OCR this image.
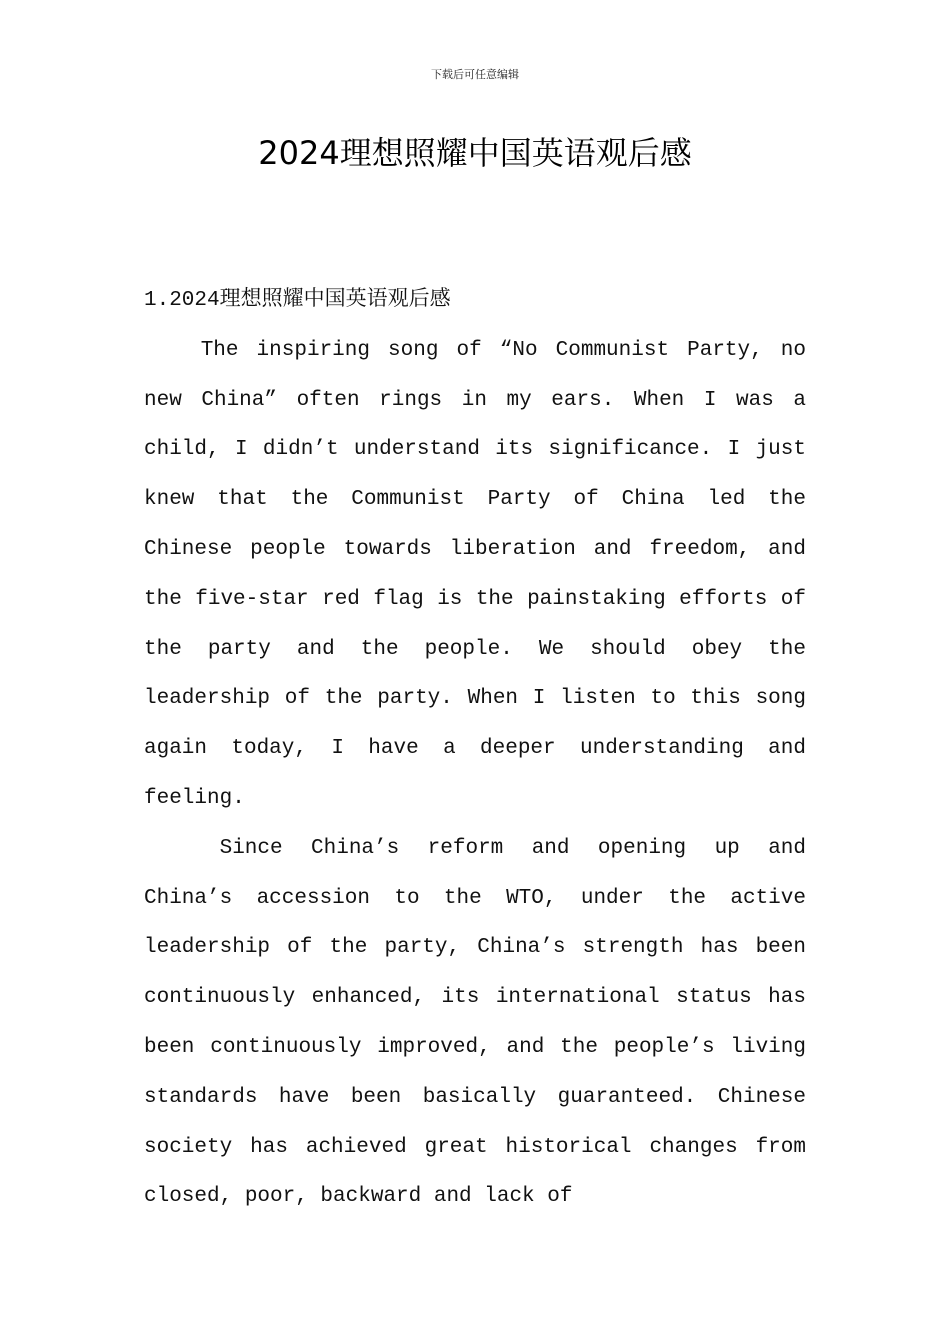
下载后可任意编辑
2024理想照耀中国英语观后感
1.2024理想照耀中国英语观后感

The inspiring song of “No Communist Party, no new China” often rings in my ears. When I was a child, I didn’t understand its significance. I just knew that the Communist Party of China led the Chinese people towards liberation and freedom, and the five-star red flag is the painstaking efforts of the party and the people. We should obey the leadership of the party. When I listen to this song again today, I have a deeper understanding and feeling.

Since China’s reform and opening up and China’s accession to the WTO, under the active leadership of the party, China’s strength has been continuously enhanced, its international status has been continuously improved, and the people’s living standards have been basically guaranteed. Chinese society has achieved great historical changes from closed, poor, backward and lack of
